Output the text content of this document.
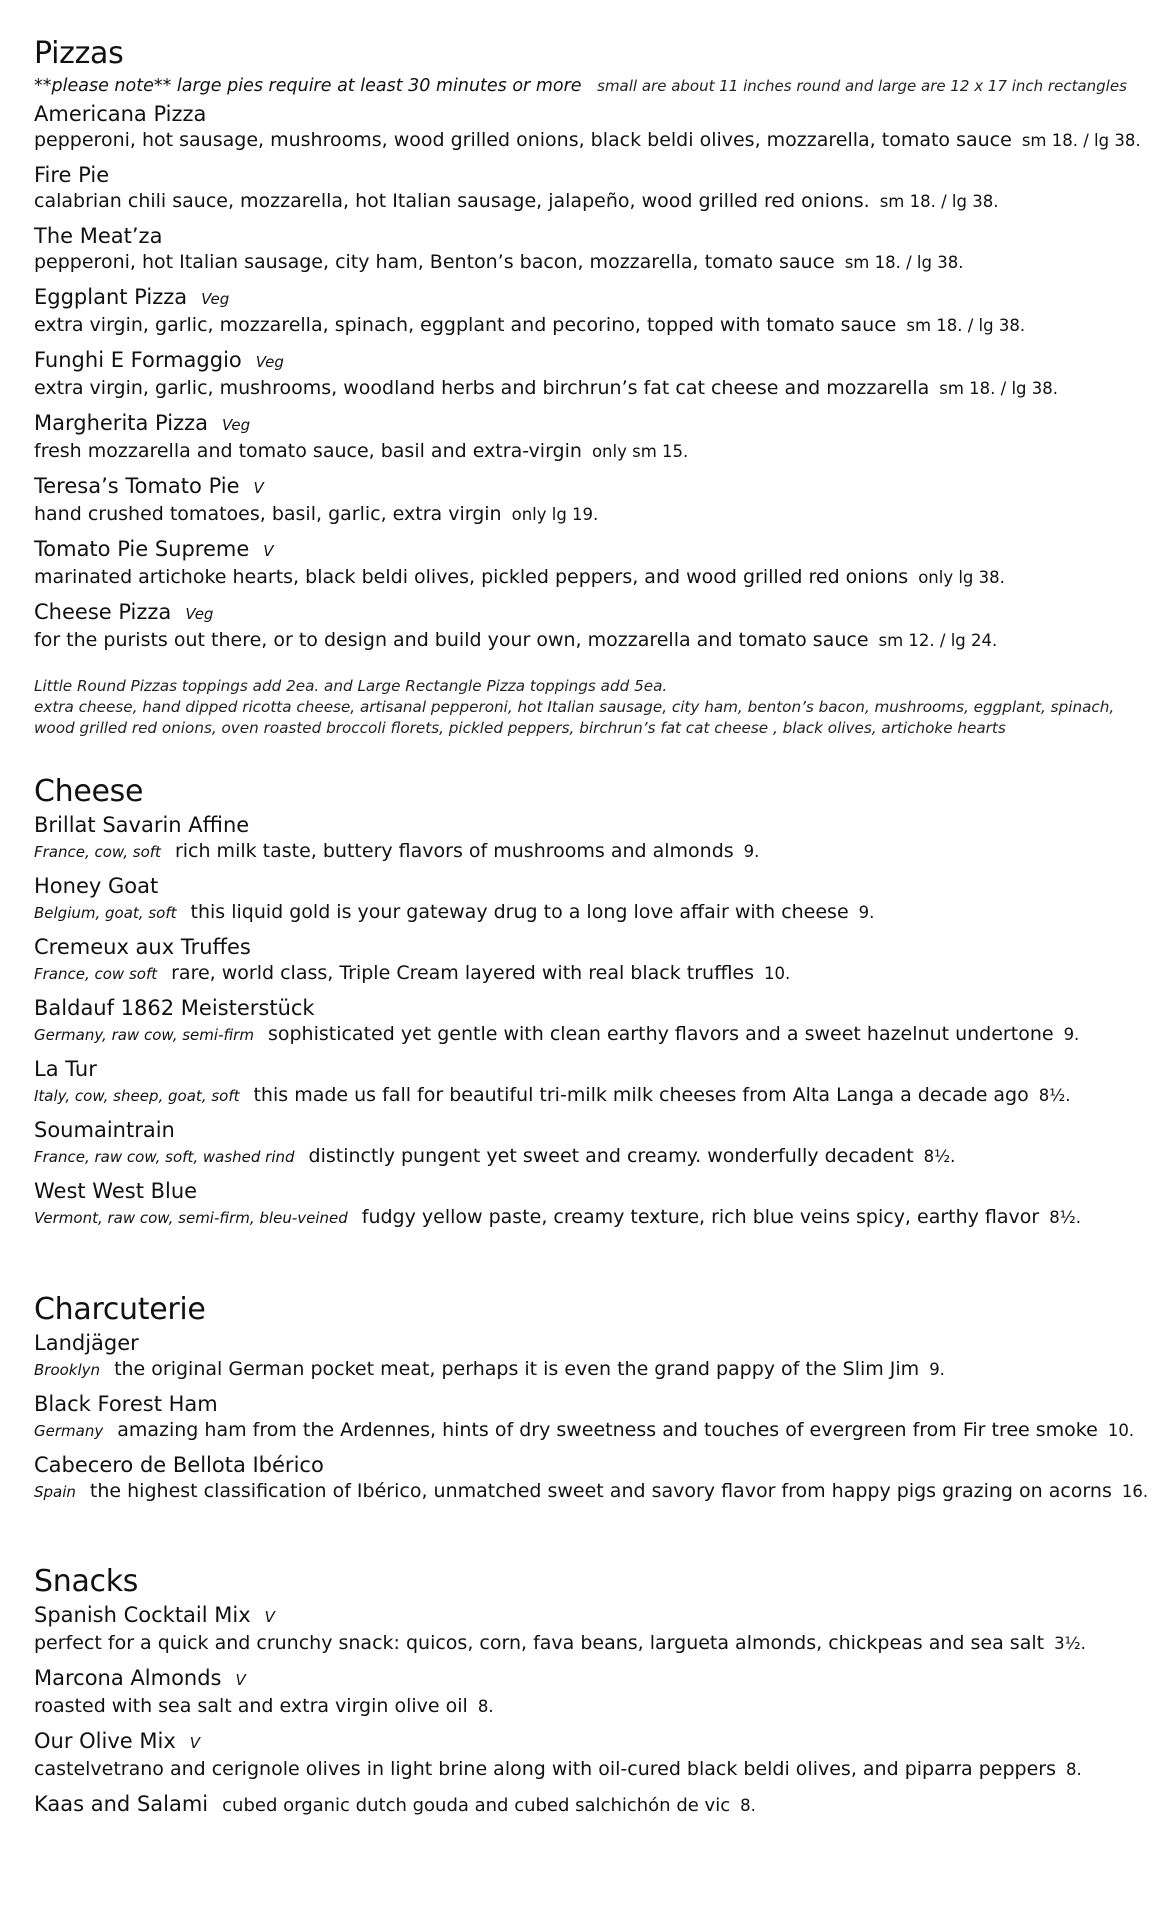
Pizzas
**please note** large pies require at least 30 minutes or more small are about 11 inches round and large are 12 x 17 inch rectangles
Americana Pizza
pepperoni, hot sausage, mushrooms, wood grilled onions, black beldi olives, mozzarella, tomato sauce sm 18. / lg 38.
Fire Pie
calabrian chili sauce, mozzarella, hot Italian sausage, jalapeño, wood grilled red onions. sm 18. / lg 38.
The Meat’za
pepperoni, hot Italian sausage, city ham, Benton’s bacon, mozzarella, tomato sauce sm 18. / lg 38.
Eggplant Pizza Veg
extra virgin, garlic, mozzarella, spinach, eggplant and pecorino, topped with tomato sauce sm 18. / lg 38.
Funghi E Formaggio Veg
extra virgin, garlic, mushrooms, woodland herbs and birchrun’s fat cat cheese and mozzarella sm 18. / lg 38.
Margherita Pizza Veg
fresh mozzarella and tomato sauce, basil and extra-virgin only sm 15.
Teresa’s Tomato Pie V
hand crushed tomatoes, basil, garlic, extra virgin only lg 19.
Tomato Pie Supreme V
marinated artichoke hearts, black beldi olives, pickled peppers, and wood grilled red onions only lg 38.
Cheese Pizza Veg
for the purists out there, or to design and build your own, mozzarella and tomato sauce sm 12. / lg 24.
Little Round Pizzas toppings add 2ea. and Large Rectangle Pizza toppings add 5ea.
extra cheese, hand dipped ricotta cheese, artisanal pepperoni, hot Italian sausage, city ham, benton’s bacon, mushrooms, eggplant, spinach,
wood grilled red onions, oven roasted broccoli florets, pickled peppers, birchrun’s fat cat cheese , black olives, artichoke hearts
Cheese
Brillat Savarin Affine
France, cow, soft rich milk taste, buttery flavors of mushrooms and almonds 9.
Honey Goat
Belgium, goat, soft this liquid gold is your gateway drug to a long love affair with cheese 9.
Cremeux aux Truffes
France, cow soft rare, world class, Triple Cream layered with real black truffles 10.
Baldauf 1862 Meisterstück
Germany, raw cow, semi-firm sophisticated yet gentle with clean earthy flavors and a sweet hazelnut undertone 9.
La Tur
Italy, cow, sheep, goat, soft this made us fall for beautiful tri-milk milk cheeses from Alta Langa a decade ago 8½.
Soumaintrain
France, raw cow, soft, washed rind distinctly pungent yet sweet and creamy. wonderfully decadent 8½.
West West Blue
Vermont, raw cow, semi-firm, bleu-veined fudgy yellow paste, creamy texture, rich blue veins spicy, earthy flavor 8½.
Charcuterie
Landjäger
Brooklyn the original German pocket meat, perhaps it is even the grand pappy of the Slim Jim 9.
Black Forest Ham
Germany amazing ham from the Ardennes, hints of dry sweetness and touches of evergreen from Fir tree smoke 10.
Cabecero de Bellota Ibérico
Spain the highest classification of Ibérico, unmatched sweet and savory flavor from happy pigs grazing on acorns 16.
Snacks
Spanish Cocktail Mix V
perfect for a quick and crunchy snack: quicos, corn, fava beans, largueta almonds, chickpeas and sea salt 3½.
Marcona Almonds V
roasted with sea salt and extra virgin olive oil 8.
Our Olive Mix V
castelvetrano and cerignole olives in light brine along with oil-cured black beldi olives, and piparra peppers 8.
Kaas and Salami cubed organic dutch gouda and cubed salchichón de vic 8.
